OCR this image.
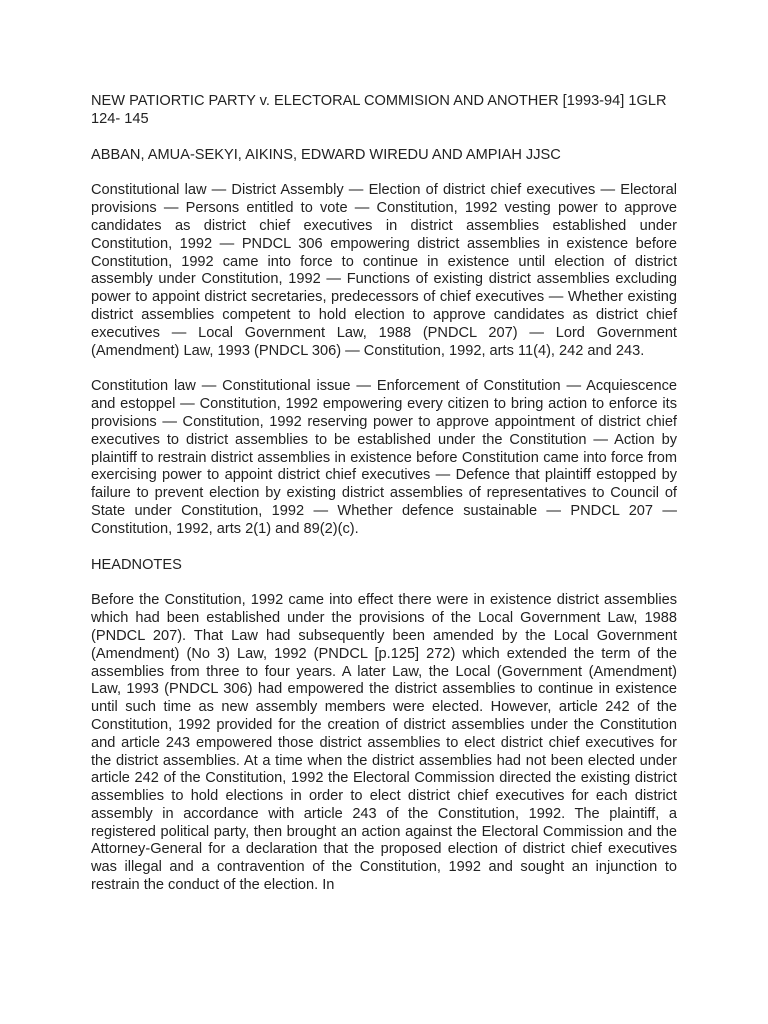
NEW PATIORTIC PARTY v. ELECTORAL COMMISION AND ANOTHER [1993-94] 1GLR 124- 145

ABBAN, AMUA-SEKYI, AIKINS, EDWARD WIREDU AND AMPIAH JJSC

Constitutional law — District Assembly — Election of district chief executives — Electoral provisions — Persons entitled to vote — Constitution, 1992 vesting power to approve candidates as district chief executives in district assemblies established under Constitution, 1992 — PNDCL 306 empowering district assemblies in existence before Constitution, 1992 came into force to continue in existence until election of district assembly under Constitution, 1992 — Functions of existing district assemblies excluding power to appoint district secretaries, predecessors of chief executives — Whether existing district assemblies competent to hold election to approve candidates as district chief executives — Local Government Law, 1988 (PNDCL 207) — Lord Government (Amendment) Law, 1993 (PNDCL 306) — Constitution, 1992, arts 11(4), 242 and 243.

Constitution law — Constitutional issue — Enforcement of Constitution — Acquiescence and estoppel — Constitution, 1992 empowering every citizen to bring action to enforce its provisions — Constitution, 1992 reserving power to approve appointment of district chief executives to district assemblies to be established under the Constitution — Action by plaintiff to restrain district assemblies in existence before Constitution came into force from exercising power to appoint district chief executives — Defence that plaintiff estopped by failure to prevent election by existing district assemblies of representatives to Council of State under Constitution, 1992 — Whether defence sustainable — PNDCL 207 — Constitution, 1992, arts 2(1) and 89(2)(c).

HEADNOTES

Before the Constitution, 1992 came into effect there were in existence district assemblies which had been established under the provisions of the Local Government Law, 1988 (PNDCL 207). That Law had subsequently been amended by the Local Government (Amendment) (No 3) Law, 1992 (PNDCL [p.125] 272) which extended the term of the assemblies from three to four years. A later Law, the Local (Government (Amendment) Law, 1993 (PNDCL 306) had empowered the district assemblies to continue in existence until such time as new assembly members were elected. However, article 242 of the Constitution, 1992 provided for the creation of district assemblies under the Constitution and article 243 empowered those district assemblies to elect district chief executives for the district assemblies. At a time when the district assemblies had not been elected under article 242 of the Constitution, 1992 the Electoral Commission directed the existing district assemblies to hold elections in order to elect district chief executives for each district assembly in accordance with article 243 of the Constitution, 1992. The plaintiff, a registered political party, then brought an action against the Electoral Commission and the Attorney-General for a declaration that the proposed election of district chief executives was illegal and a contravention of the Constitution, 1992 and sought an injunction to restrain the conduct of the election. In
